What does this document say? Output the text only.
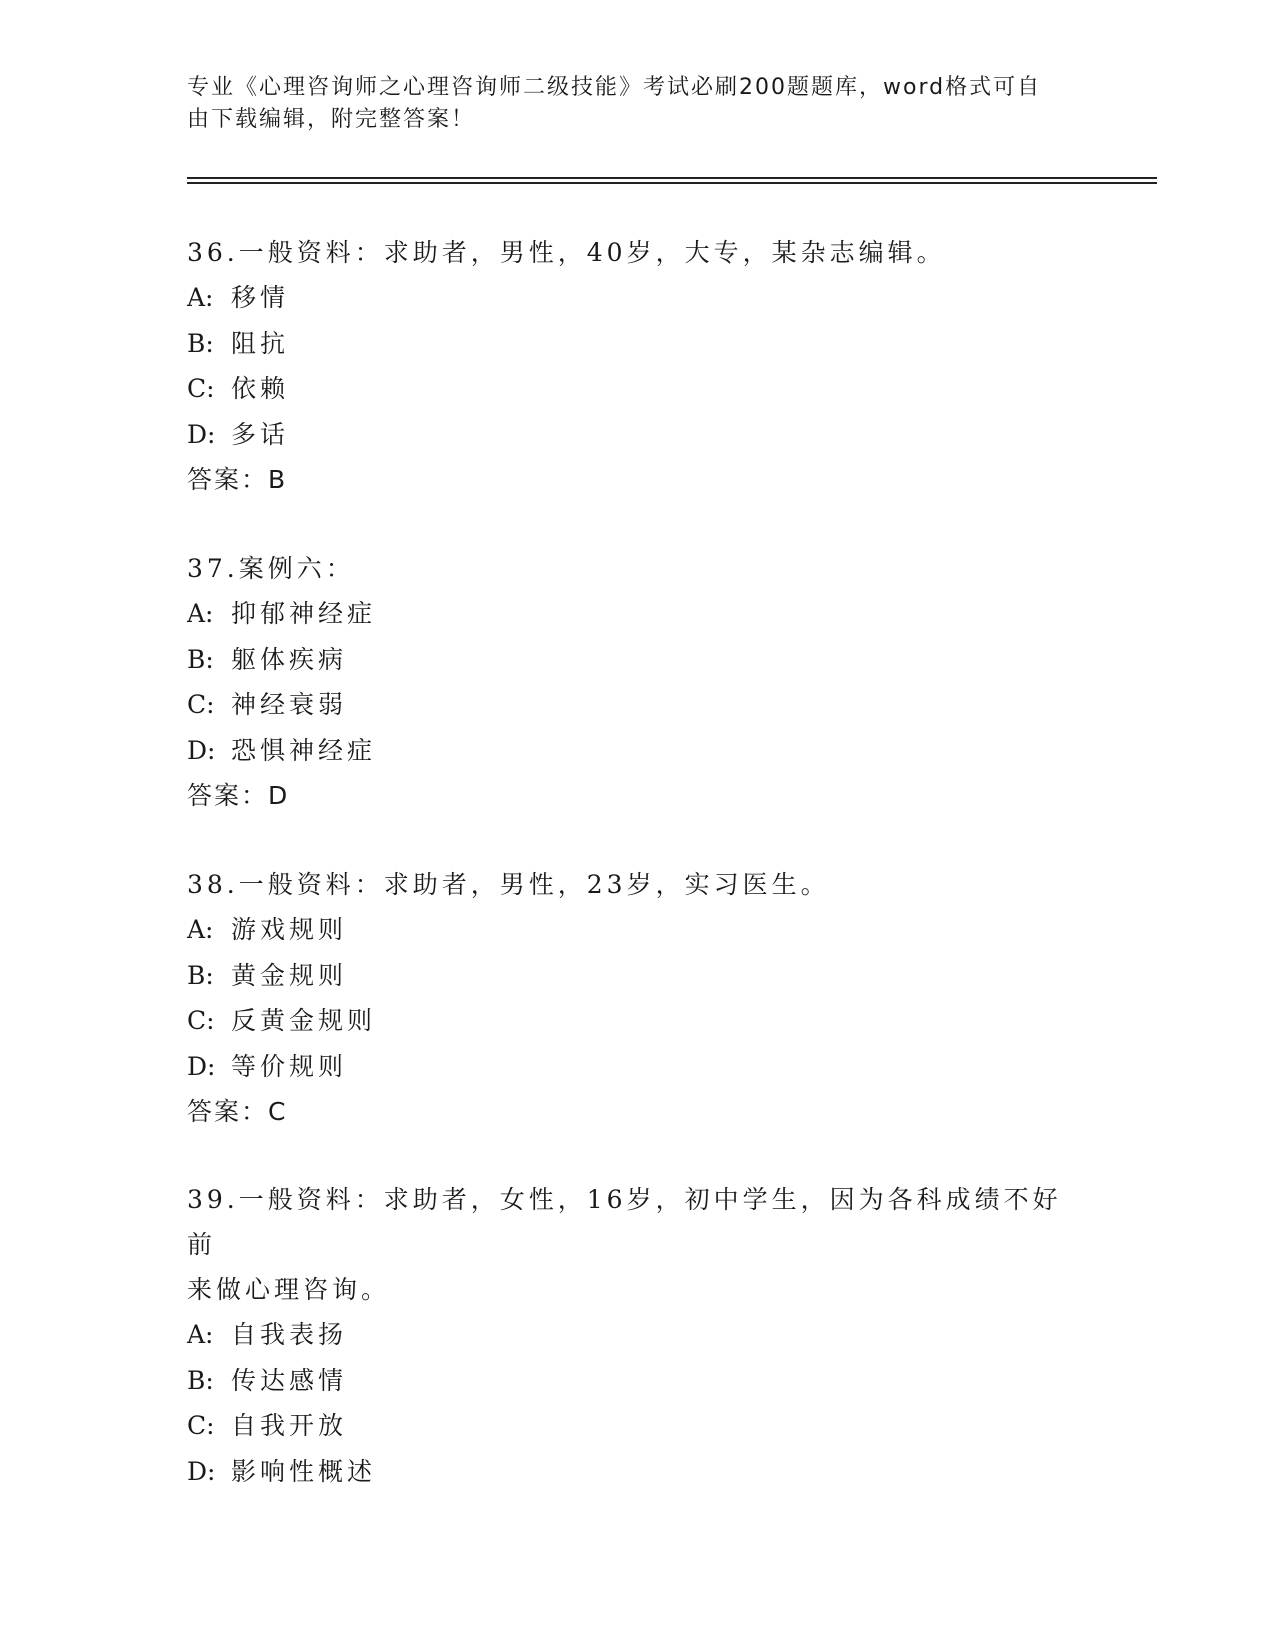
专业《心理咨询师之心理咨询师二级技能》考试必刷200题题库，word格式可自
由下载编辑，附完整答案！
36.一般资料：求助者，男性，40岁，大专，某杂志编辑。
A: 移情
B: 阻抗
C: 依赖
D: 多话
答案：B
37.案例六：
A: 抑郁神经症
B: 躯体疾病
C: 神经衰弱
D: 恐惧神经症
答案：D
38.一般资料：求助者，男性，23岁，实习医生。
A: 游戏规则
B: 黄金规则
C: 反黄金规则
D: 等价规则
答案：C
39.一般资料：求助者，女性，16岁，初中学生，因为各科成绩不好前
来做心理咨询。
A: 自我表扬
B: 传达感情
C: 自我开放
D: 影响性概述
